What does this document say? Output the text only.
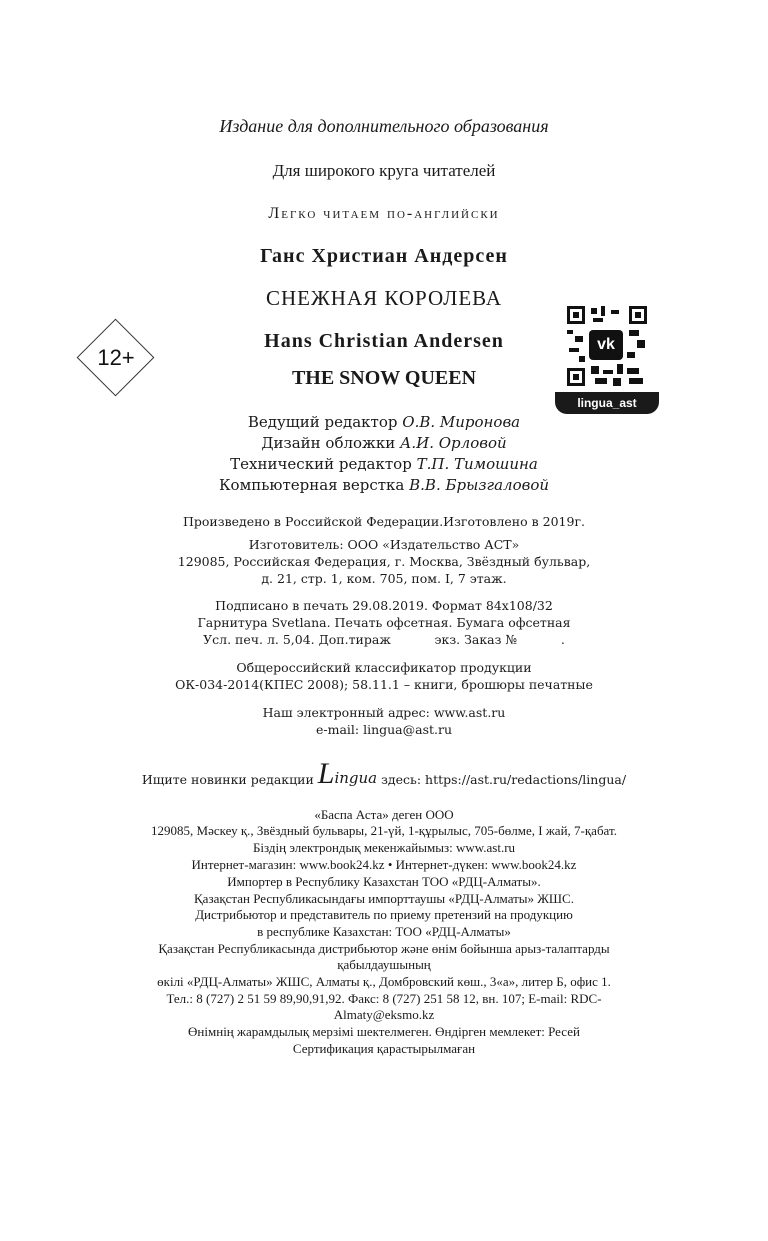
Издание для дополнительного образования
Для широкого круга читателей
Легко читаем по-английски
Ганс Христиан Андерсен
СНЕЖНАЯ КОРОЛЕВА
Hans Christian Andersen
THE SNOW QUEEN
12+
vk
lingua_ast
Ведущий редактор О.В. Миронова
Дизайн обложки А.И. Орловой
Технический редактор Т.П. Тимошина
Компьютерная верстка В.В. Брызгаловой
Произведено в Российской Федерации.Изготовлено в 2019г.
Изготовитель: ООО «Издательство АСТ»
129085, Российская Федерация, г. Москва, Звёздный бульвар,
д. 21, стр. 1, ком. 705, пом. I, 7 этаж.
Подписано в печать 29.08.2019. Формат 84x108/32
Гарнитура Svetlana. Печать офсетная. Бумага офсетная
Усл. печ. л. 5,04. Доп.тираж           экз. Заказ №           .
Общероссийский классификатор продукции
ОК-034-2014(КПЕС 2008); 58.11.1 – книги, брошюры печатные
Наш электронный адрес: www.ast.ru
e-mail: lingua@ast.ru
Ищите новинки редакции Lingua здесь: https://ast.ru/redactions/lingua/
«Баспа Аста» деген ООО
129085, Мәскеу қ., Звёздный бульвары, 21-үй, 1-құрылыс, 705-бөлме, I жай, 7-қабат.
Біздің электрондық мекенжайымыз: www.ast.ru
Интернет-магазин: www.book24.kz • Интернет-дүкен: www.book24.kz
Импортер в Республику Казахстан ТОО «РДЦ-Алматы».
Қазақстан Республикасындағы импорттаушы «РДЦ-Алматы» ЖШС.
Дистрибьютор и представитель по приему претензий на продукцию
в республике Казахстан: ТОО «РДЦ-Алматы»
Қазақстан Республикасында дистрибьютор және өнім бойынша арыз-талаптарды
қабылдаушының
өкілі «РДЦ-Алматы» ЖШС, Алматы қ., Домбровский көш., 3«а», литер Б, офис 1.
Тел.: 8 (727) 2 51 59 89,90,91,92. Факс: 8 (727) 251 58 12, вн. 107; E-mail: RDC-
Almaty@eksmo.kz
Өнімнің жарамдылық мерзімі шектелмеген. Өндірген мемлекет: Ресей
Сертификация қарастырылмаған
